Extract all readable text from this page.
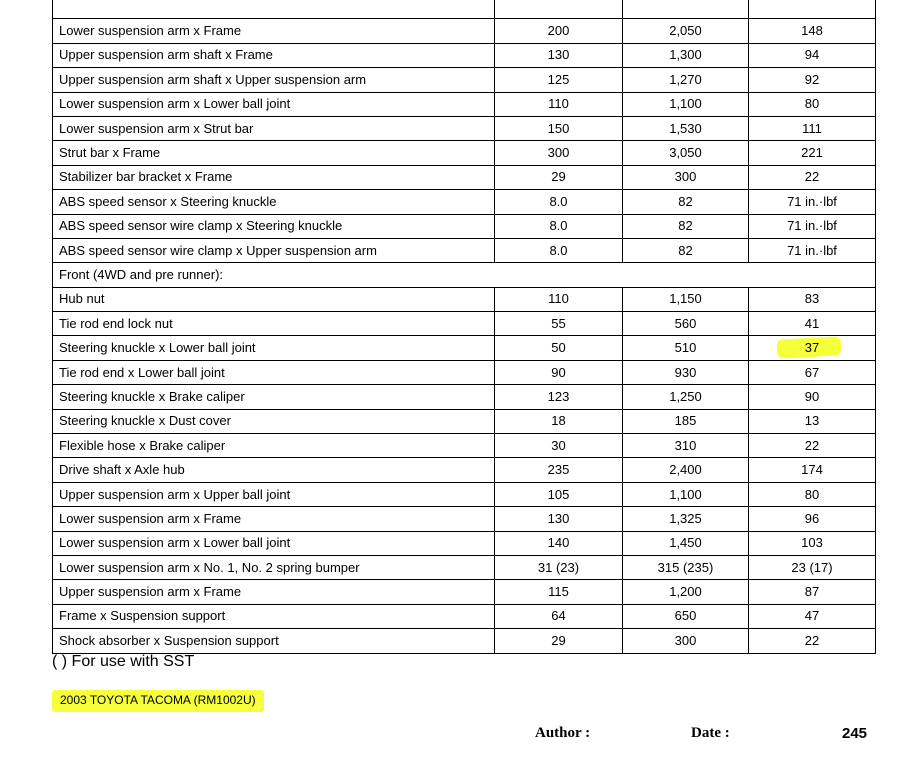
Lower suspension arm x Frame	200	2,050	148
Upper suspension arm shaft x Frame	130	1,300	94
Upper suspension arm shaft x Upper suspension arm	125	1,270	92
Lower suspension arm x Lower ball joint	110	1,100	80
Lower suspension arm x Strut bar	150	1,530	111
Strut bar x Frame	300	3,050	221
Stabilizer bar bracket x Frame	29	300	22
ABS speed sensor x Steering knuckle	8.0	82	71 in.·lbf
ABS speed sensor wire clamp x Steering knuckle	8.0	82	71 in.·lbf
ABS speed sensor wire clamp x Upper suspension arm	8.0	82	71 in.·lbf
Front (4WD and pre runner):			
Hub nut	110	1,150	83
Tie rod end lock nut	55	560	41
Steering knuckle x Lower ball joint	50	510	37
Tie rod end x Lower ball joint	90	930	67
Steering knuckle x Brake caliper	123	1,250	90
Steering knuckle x Dust cover	18	185	13
Flexible hose x Brake caliper	30	310	22
Drive shaft x Axle hub	235	2,400	174
Upper suspension arm x Upper ball joint	105	1,100	80
Lower suspension arm x Frame	130	1,325	96
Lower suspension arm x Lower ball joint	140	1,450	103
Lower suspension arm x No. 1, No. 2 spring bumper	31 (23)	315 (235)	23 (17)
Upper suspension arm x Frame	115	1,200	87
Frame x Suspension support	64	650	47
Shock absorber x Suspension support	29	300	22
( ) For use with SST
2003 TOYOTA TACOMA (RM1002U)
Author :	Date :	245
